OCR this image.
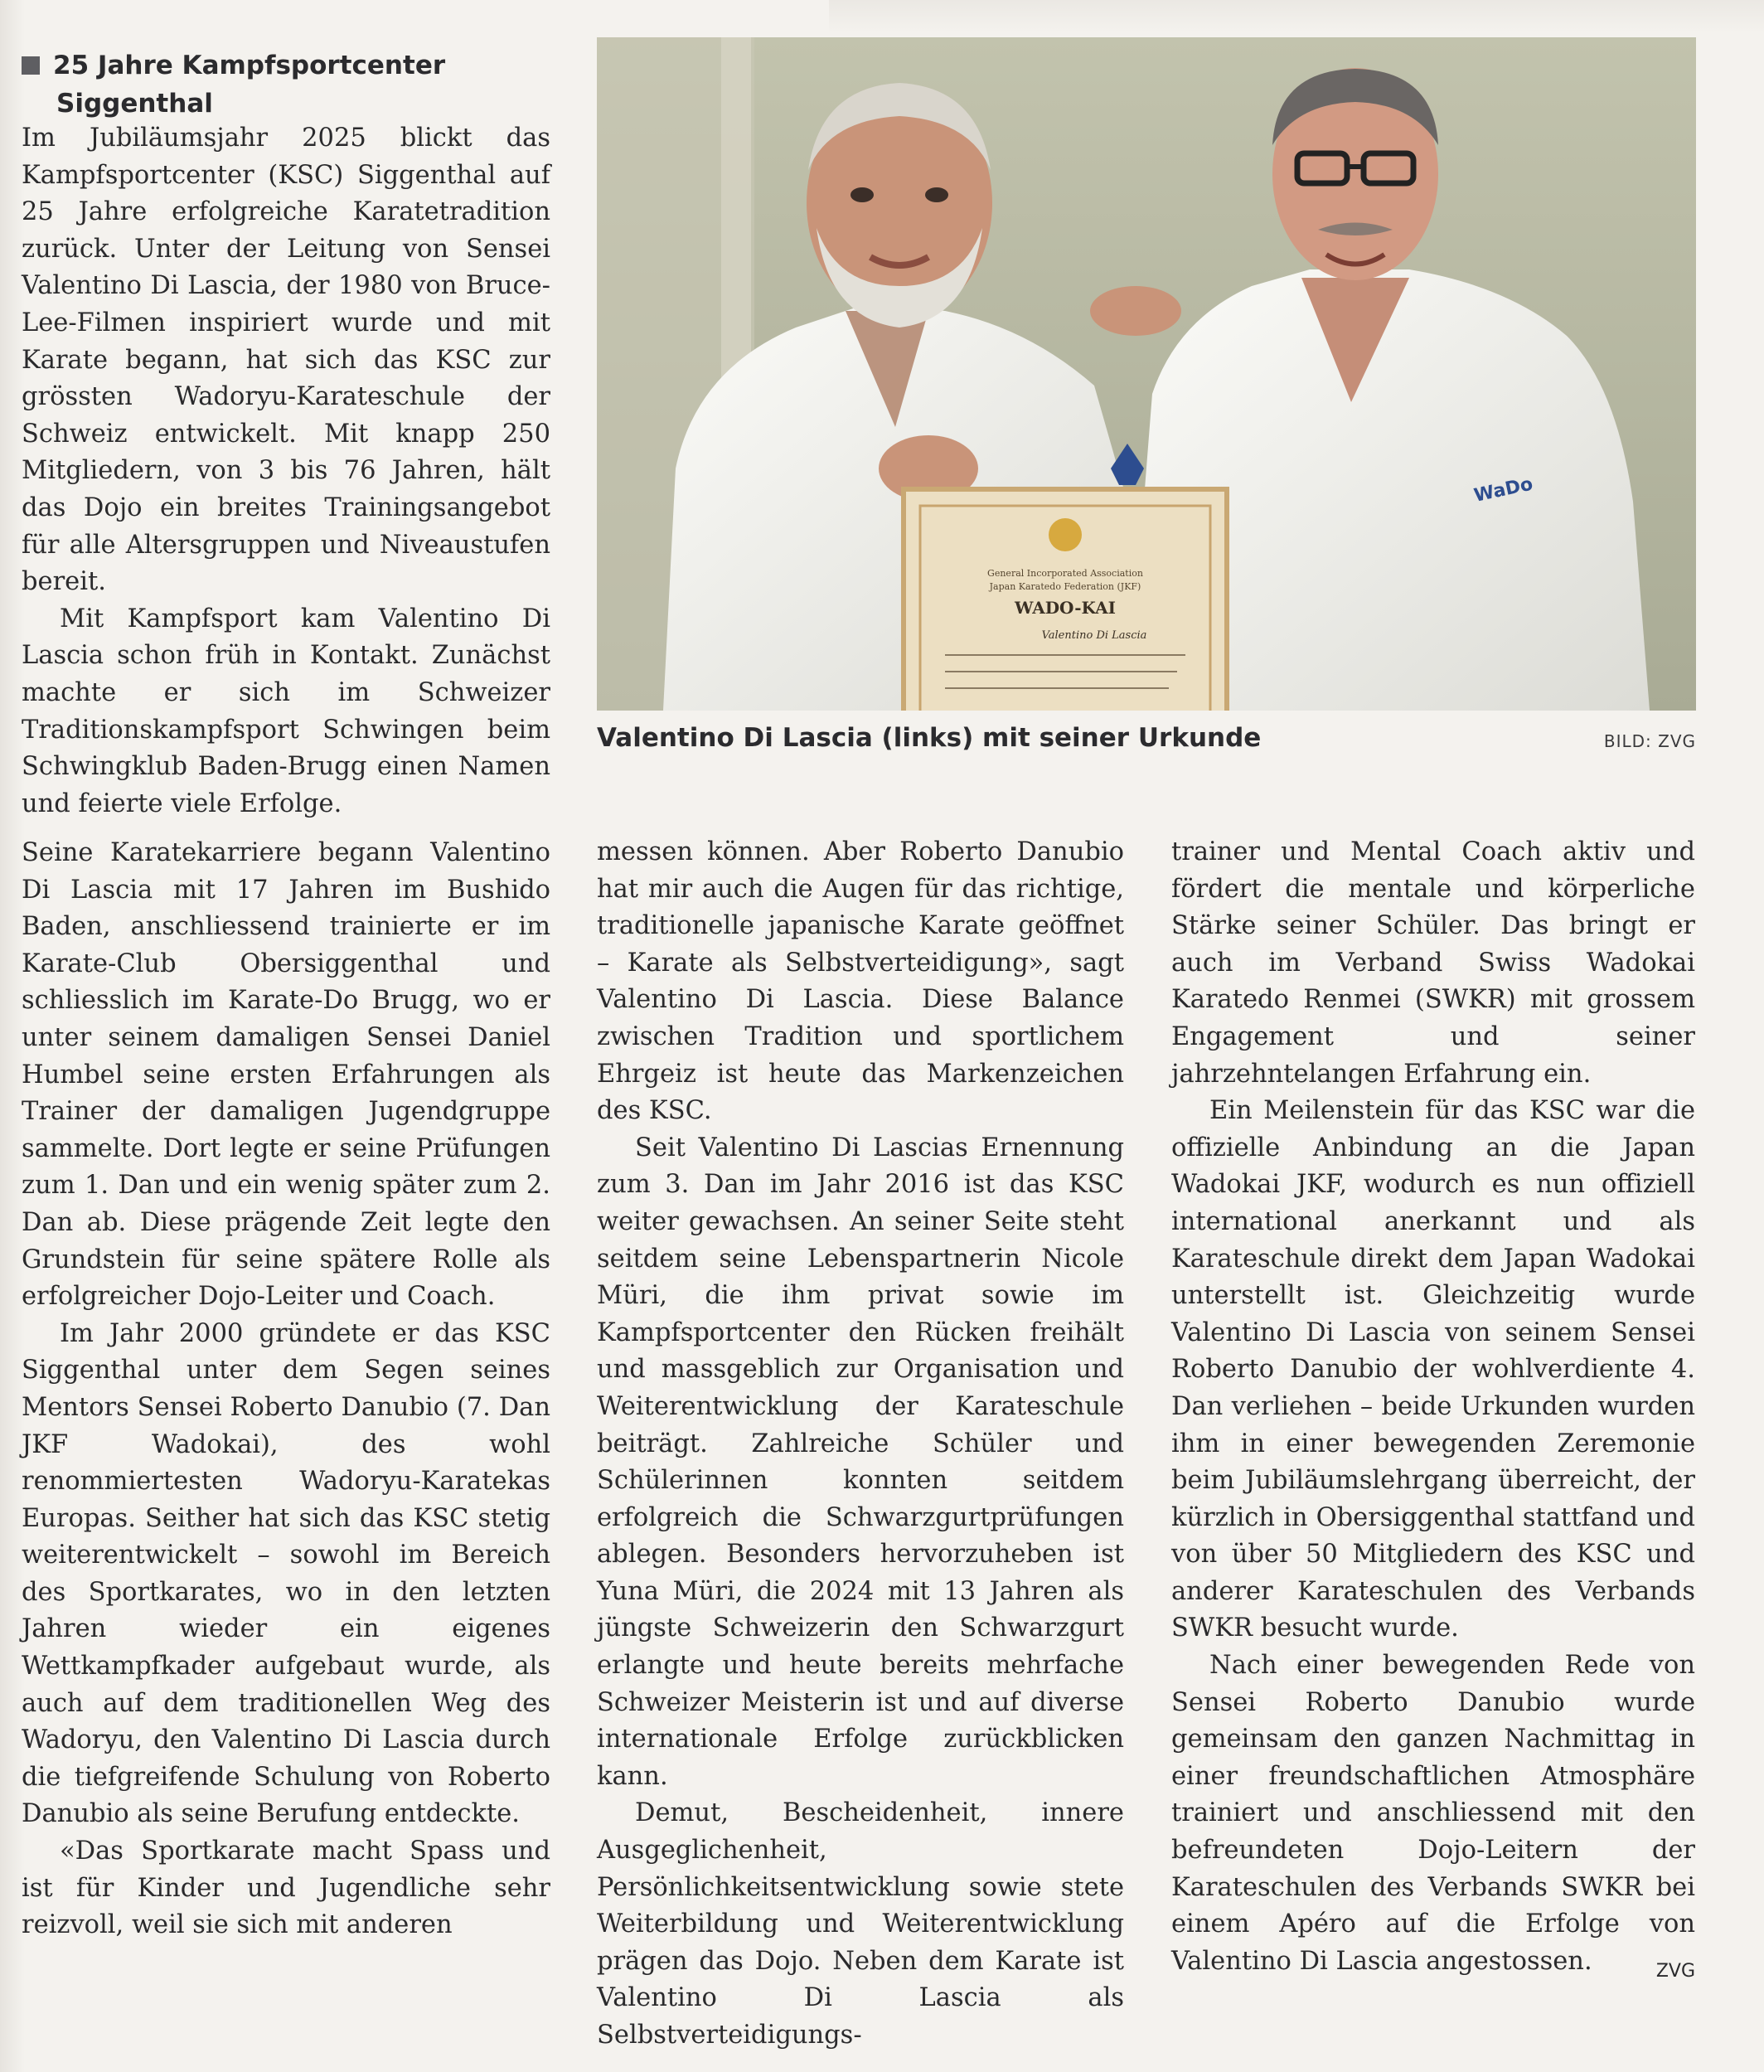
25 Jahre Kampfsportcenter
Siggenthal

Im Jubiläumsjahr 2025 blickt das Kampfsportcenter (KSC) Siggenthal auf 25 Jahre erfolgreiche Karatetradition zurück. Unter der Leitung von Sensei Valentino Di Lascia, der 1980 von Bruce-Lee-Filmen inspiriert wurde und mit Karate begann, hat sich das KSC zur grössten Wadoryu-Karateschule der Schweiz entwickelt. Mit knapp 250 Mitgliedern, von 3 bis 76 Jahren, hält das Dojo ein breites Trainingsangebot für alle Altersgruppen und Niveaustufen bereit.

Mit Kampfsport kam Valentino Di Lascia schon früh in Kontakt. Zunächst machte er sich im Schweizer Traditionskampfsport Schwingen beim Schwingklub Baden-Brugg einen Namen und feierte viele Erfolge.

WaDo
General Incorporated Association
Japan Karatedo Federation (JKF)
WADO-KAI
Valentino Di Lascia
Valentino Di Lascia (links) mit seiner Urkunde	BILD: ZVG

Seine Karatekarriere begann Valentino Di Lascia mit 17 Jahren im Bushido Baden, anschliessend trainierte er im Karate-Club Obersiggenthal und schliesslich im Karate-Do Brugg, wo er unter seinem damaligen Sensei Daniel Humbel seine ersten Erfahrungen als Trainer der damaligen Jugendgruppe sammelte. Dort legte er seine Prüfungen zum 1. Dan und ein wenig später zum 2. Dan ab. Diese prägende Zeit legte den Grundstein für seine spätere Rolle als erfolgreicher Dojo-Leiter und Coach.

Im Jahr 2000 gründete er das KSC Siggenthal unter dem Segen seines Mentors Sensei Roberto Danubio (7. Dan JKF Wadokai), des wohl renommiertesten Wadoryu-Karatekas Europas. Seither hat sich das KSC stetig weiterentwickelt – sowohl im Bereich des Sportkarates, wo in den letzten Jahren wieder ein eigenes Wettkampfkader aufgebaut wurde, als auch auf dem traditionellen Weg des Wadoryu, den Valentino Di Lascia durch die tiefgreifende Schulung von Roberto Danubio als seine Berufung entdeckte.

«Das Sportkarate macht Spass und ist für Kinder und Jugendliche sehr reizvoll, weil sie sich mit anderen

messen können. Aber Roberto Danubio hat mir auch die Augen für das richtige, traditionelle japanische Karate geöffnet – Karate als Selbstverteidigung», sagt Valentino Di Lascia. Diese Balance zwischen Tradition und sportlichem Ehrgeiz ist heute das Markenzeichen des KSC.

Seit Valentino Di Lascias Ernennung zum 3. Dan im Jahr 2016 ist das KSC weiter gewachsen. An seiner Seite steht seitdem seine Lebenspartnerin Nicole Müri, die ihm privat sowie im Kampfsportcenter den Rücken freihält und massgeblich zur Organisation und Weiterentwicklung der Karateschule beiträgt. Zahlreiche Schüler und Schülerinnen konnten seitdem erfolgreich die Schwarzgurtprüfungen ablegen. Besonders hervorzuheben ist Yuna Müri, die 2024 mit 13 Jahren als jüngste Schweizerin den Schwarzgurt erlangte und heute bereits mehrfache Schweizer Meisterin ist und auf diverse internationale Erfolge zurückblicken kann.

Demut, Bescheidenheit, innere Ausgeglichenheit, Persönlichkeitsentwicklung sowie stete Weiterbildung und Weiterentwicklung prägen das Dojo. Neben dem Karate ist Valentino Di Lascia als Selbstverteidigungs-

trainer und Mental Coach aktiv und fördert die mentale und körperliche Stärke seiner Schüler. Das bringt er auch im Verband Swiss Wadokai Karatedo Renmei (SWKR) mit grossem Engagement und seiner jahrzehntelangen Erfahrung ein.

Ein Meilenstein für das KSC war die offizielle Anbindung an die Japan Wadokai JKF, wodurch es nun offiziell international anerkannt und als Karateschule direkt dem Japan Wadokai unterstellt ist. Gleichzeitig wurde Valentino Di Lascia von seinem Sensei Roberto Danubio der wohlverdiente 4. Dan verliehen – beide Urkunden wurden ihm in einer bewegenden Zeremonie beim Jubiläumslehrgang überreicht, der kürzlich in Obersiggenthal stattfand und von über 50 Mitgliedern des KSC und anderer Karateschulen des Verbands SWKR besucht wurde.

Nach einer bewegenden Rede von Sensei Roberto Danubio wurde gemeinsam den ganzen Nachmittag in einer freundschaftlichen Atmosphäre trainiert und anschliessend mit den befreundeten Dojo-Leitern der Karateschulen des Verbands SWKR bei einem Apéro auf die Erfolge von Valentino Di Lascia angestossen.	ZVG
